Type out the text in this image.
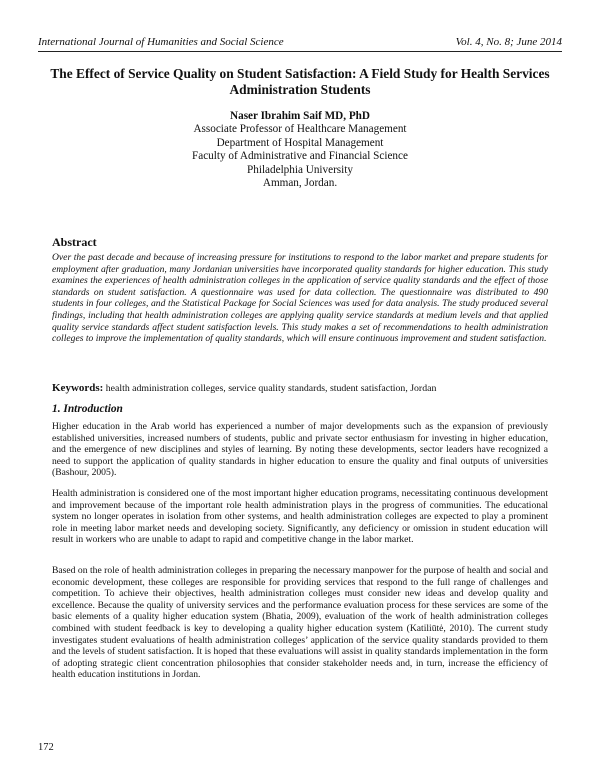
International Journal of Humanities and Social Science	Vol. 4, No. 8; June 2014
The Effect of Service Quality on Student Satisfaction: A Field Study for Health Services Administration Students
Naser Ibrahim Saif MD, PhD
Associate Professor of Healthcare Management
Department of Hospital Management
Faculty of Administrative and Financial Science
Philadelphia University
Amman, Jordan.
Abstract
Over the past decade and because of increasing pressure for institutions to respond to the labor market and prepare students for employment after graduation, many Jordanian universities have incorporated quality standards for higher education. This study examines the experiences of health administration colleges in the application of service quality standards and the effect of those standards on student satisfaction. A questionnaire was used for data collection. The questionnaire was distributed to 490 students in four colleges, and the Statistical Package for Social Sciences was used for data analysis. The study produced several findings, including that health administration colleges are applying quality service standards at medium levels and that applied quality service standards affect student satisfaction levels. This study makes a set of recommendations to health administration colleges to improve the implementation of quality standards, which will ensure continuous improvement and student satisfaction.
Keywords: health administration colleges, service quality standards, student satisfaction, Jordan
1. Introduction
Higher education in the Arab world has experienced a number of major developments such as the expansion of previously established universities, increased numbers of students, public and private sector enthusiasm for investing in higher education, and the emergence of new disciplines and styles of learning. By noting these developments, sector leaders have recognized a need to support the application of quality standards in higher education to ensure the quality and final outputs of universities (Bashour, 2005).
Health administration is considered one of the most important higher education programs, necessitating continuous development and improvement because of the important role health administration plays in the progress of communities. The educational system no longer operates in isolation from other systems, and health administration colleges are expected to play a prominent role in meeting labor market needs and developing society. Significantly, any deficiency or omission in student education will result in workers who are unable to adapt to rapid and competitive change in the labor market.
Based on the role of health administration colleges in preparing the necessary manpower for the purpose of health and social and economic development, these colleges are responsible for providing services that respond to the full range of challenges and competition. To achieve their objectives, health administration colleges must consider new ideas and develop quality and excellence. Because the quality of university services and the performance evaluation process for these services are some of the basic elements of a quality higher education system (Bhatia, 2009), evaluation of the work of health administration colleges combined with student feedback is key to developing a quality higher education system (Katiliūtė, 2010). The current study investigates student evaluations of health administration colleges’ application of the service quality standards provided to them and the levels of student satisfaction. It is hoped that these evaluations will assist in quality standards implementation in the form of adopting strategic client concentration philosophies that consider stakeholder needs and, in turn, increase the efficiency of health education institutions in Jordan.
172
